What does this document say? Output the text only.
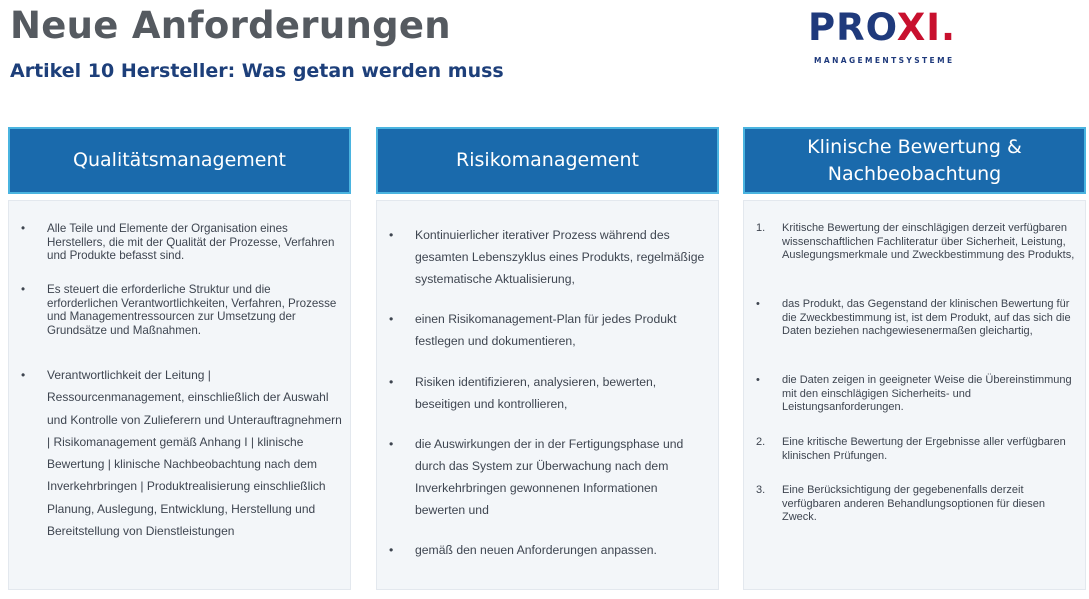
Neue Anforderungen
Artikel 10 Hersteller: Was getan werden muss
PROXI.
MANAGEMENTSYSTEME
Qualitätsmanagement
• Alle Teile und Elemente der Organisation eines Herstellers, die mit der Qualität der Prozesse, Verfahren und Produkte befasst sind.
• Es steuert die erforderliche Struktur und die erforderlichen Verantwortlichkeiten, Verfahren, Prozesse und Managementressourcen zur Umsetzung der Grundsätze und Maßnahmen.
• Verantwortlichkeit der Leitung | Ressourcenmanagement, einschließlich der Auswahl und Kontrolle von Zulieferern und Unterauftragnehmern | Risikomanagement gemäß Anhang I | klinische Bewertung | klinische Nachbeobachtung nach dem Inverkehrbringen | Produktrealisierung einschließlich Planung, Auslegung, Entwicklung, Herstellung und Bereitstellung von Dienstleistungen
Risikomanagement
• Kontinuierlicher iterativer Prozess während des gesamten Lebenszyklus eines Produkts, regelmäßige systematische Aktualisierung,
• einen Risikomanagement-Plan für jedes Produkt festlegen und dokumentieren,
• Risiken identifizieren, analysieren, bewerten, beseitigen und kontrollieren,
• die Auswirkungen der in der Fertigungsphase und durch das System zur Überwachung nach dem Inverkehrbringen gewonnenen Informationen bewerten und
• gemäß den neuen Anforderungen anpassen.
Klinische Bewertung & Nachbeobachtung
1. Kritische Bewertung der einschlägigen derzeit verfügbaren wissenschaftlichen Fachliteratur über Sicherheit, Leistung, Auslegungsmerkmale und Zweckbestimmung des Produkts,
• das Produkt, das Gegenstand der klinischen Bewertung für die Zweckbestimmung ist, ist dem Produkt, auf das sich die Daten beziehen nachgewiesenermaßen gleichartig,
• die Daten zeigen in geeigneter Weise die Übereinstimmung mit den einschlägigen Sicherheits- und Leistungsanforderungen.
2. Eine kritische Bewertung der Ergebnisse aller verfügbaren klinischen Prüfungen.
3. Eine Berücksichtigung der gegebenenfalls derzeit verfügbaren anderen Behandlungsoptionen für diesen Zweck.
